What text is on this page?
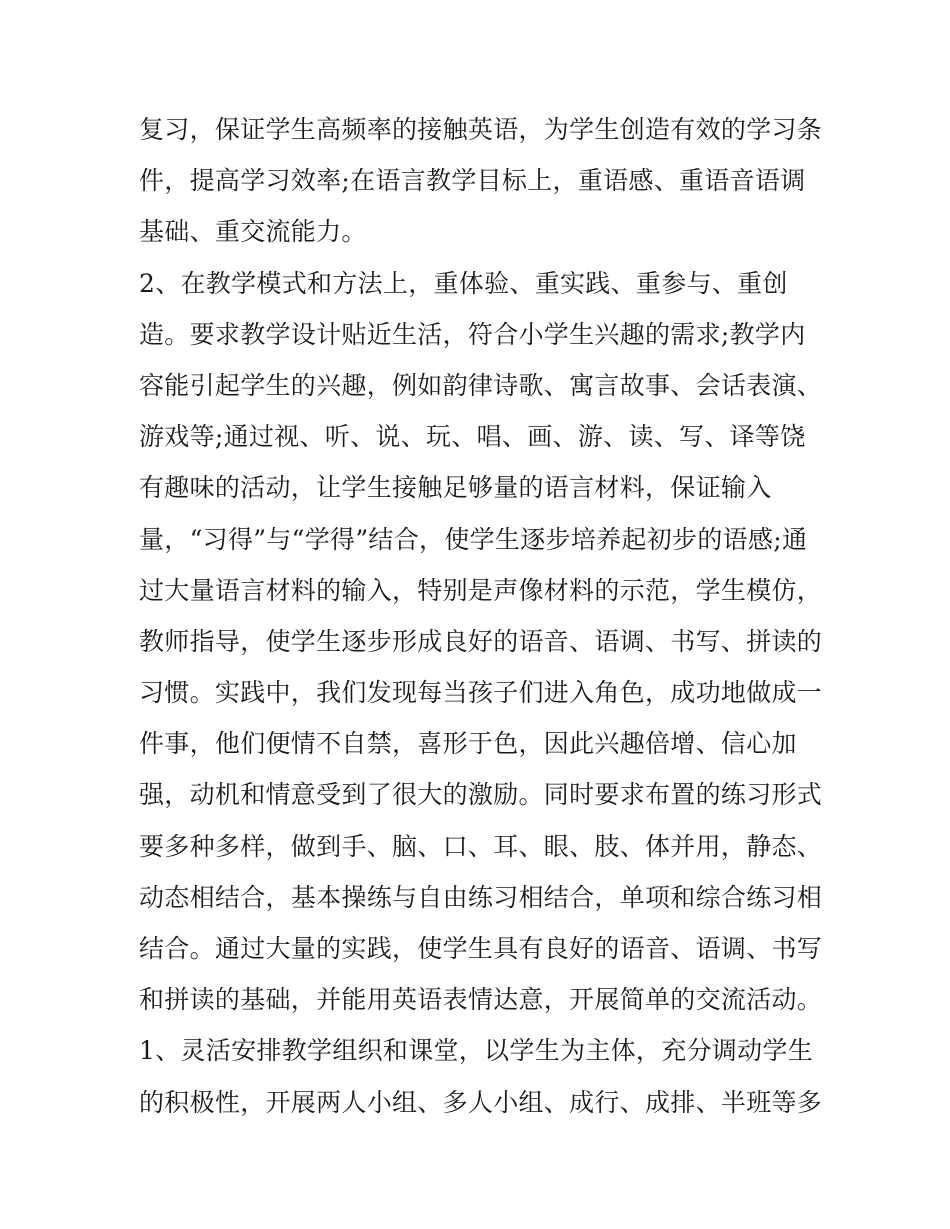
复习，保证学生高频率的接触英语，为学生创造有效的学习条
件，提高学习效率;在语言教学目标上，重语感、重语音语调
基础、重交流能力。
2、在教学模式和方法上，重体验、重实践、重参与、重创
造。要求教学设计贴近生活，符合小学生兴趣的需求;教学内
容能引起学生的兴趣，例如韵律诗歌、寓言故事、会话表演、
游戏等;通过视、听、说、玩、唱、画、游、读、写、译等饶
有趣味的活动，让学生接触足够量的语言材料，保证输入
量，“习得”与“学得”结合，使学生逐步培养起初步的语感;通
过大量语言材料的输入，特别是声像材料的示范，学生模仿，
教师指导，使学生逐步形成良好的语音、语调、书写、拼读的
习惯。实践中，我们发现每当孩子们进入角色，成功地做成一
件事，他们便情不自禁，喜形于色，因此兴趣倍增、信心加
强，动机和情意受到了很大的激励。同时要求布置的练习形式
要多种多样，做到手、脑、口、耳、眼、肢、体并用，静态、
动态相结合，基本操练与自由练习相结合，单项和综合练习相
结合。通过大量的实践，使学生具有良好的语音、语调、书写
和拼读的基础，并能用英语表情达意，开展简单的交流活动。
1、灵活安排教学组织和课堂，以学生为主体，充分调动学生
的积极性，开展两人小组、多人小组、成行、成排、半班等多
